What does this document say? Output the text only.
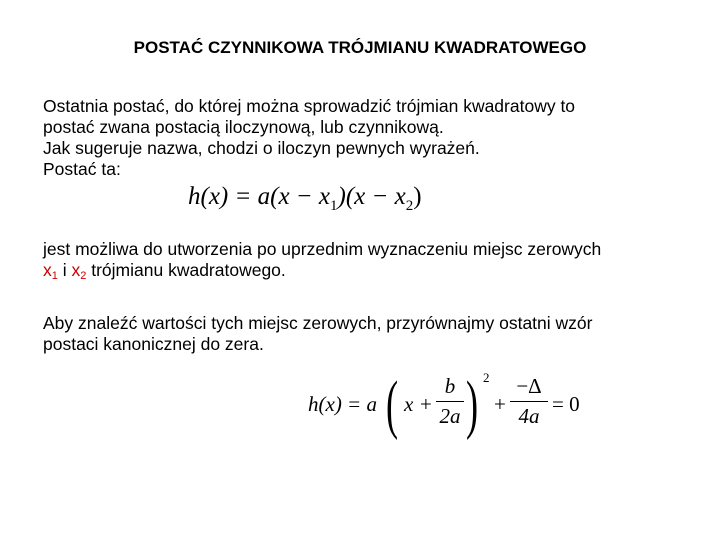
POSTAĆ CZYNNIKOWA TRÓJMIANU KWADRATOWEGO
Ostatnia postać, do której można sprowadzić trójmian kwadratowy to
postać zwana postacią iloczynową, lub czynnikową.
Jak sugeruje nazwa, chodzi o iloczyn pewnych wyrażeń.
Postać ta:
$h(x) = a(x - x_1)(x - x_2)$
jest możliwa do utworzenia po uprzednim wyznaczeniu miejsc zerowych
$x_1$ i $x_2$ trójmianu kwadratowego.
Aby znaleźć wartości tych miejsc zerowych, przyrównajmy ostatni wzór
postaci kanonicznej do zera.
h(x) = a ( x +
b
2a ) 2
+
−Δ
4a = 0
